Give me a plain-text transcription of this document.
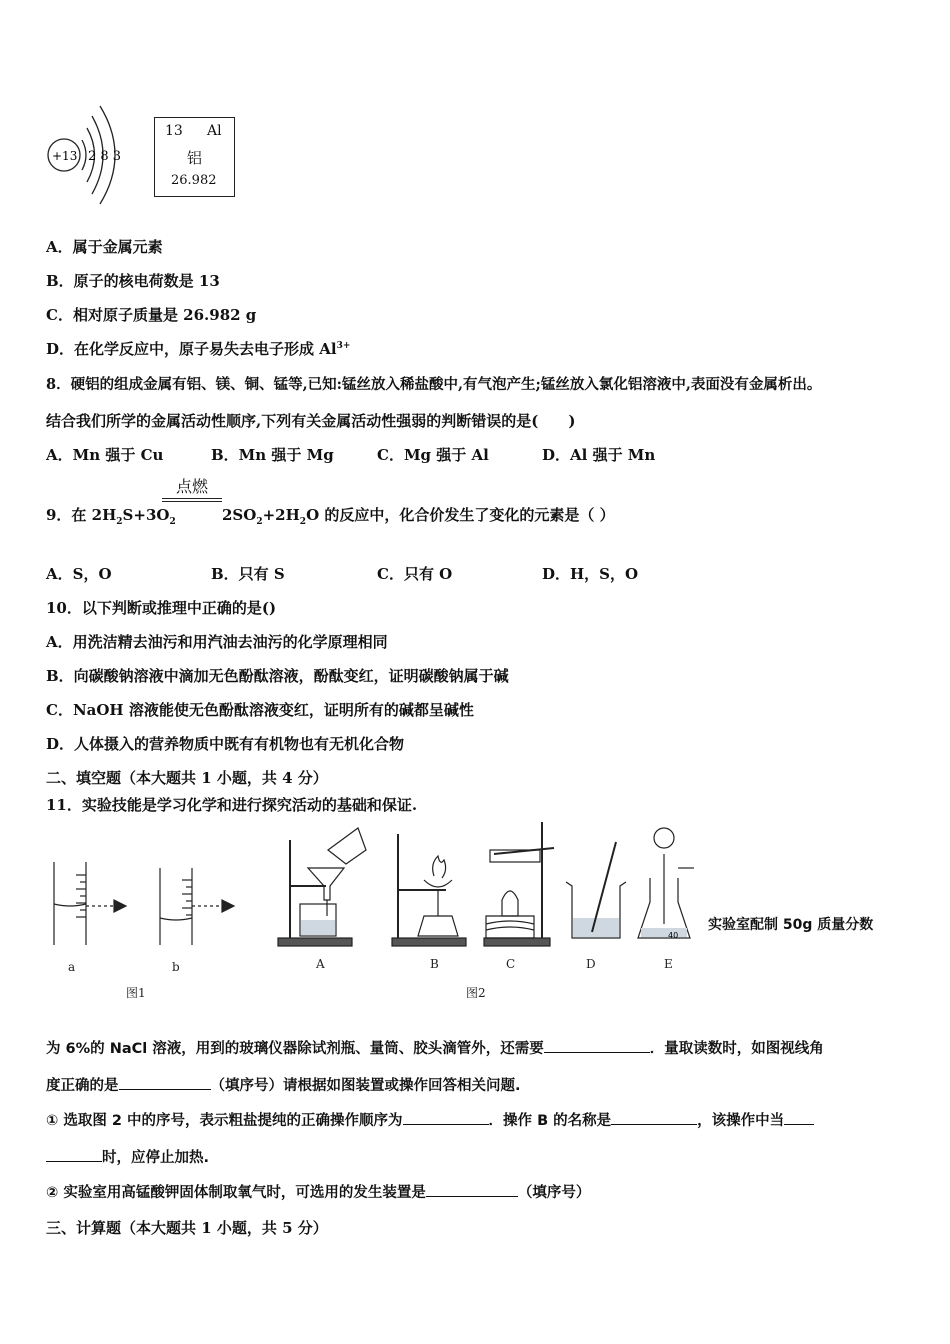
+13 2 8 3
13 Al
铝
26.982
A．属于金属元素
B．原子的核电荷数是 13
C．相对原子质量是 26.982 g
D．在化学反应中，原子易失去电子形成 $Al^{3+}$
8．硬铝的组成金属有铝、镁、铜、锰等,已知:锰丝放入稀盐酸中,有气泡产生;锰丝放入氯化铝溶液中,表面没有金属析出。
结合我们所学的金属活动性顺序,下列有关金属活动性强弱的判断错误的是(　　)
A．Mn 强于 Cu	B．Mn 强于 Mg	C．Mg 强于 Al	D．Al 强于 Mn
9．在 $2H_2S+3O_2$
点燃
$2SO_2+2H_2O$ 的反应中，化合价发生了变化的元素是（ ）
A．S，O	B．只有 S	C．只有 O	D．H，S，O
10．以下判断或推理中正确的是()
A．用洗洁精去油污和用汽油去油污的化学原理相同
B．向碳酸钠溶液中滴加无色酚酞溶液，酚酞变红，证明碳酸钠属于碱
C．NaOH 溶液能使无色酚酞溶液变红，证明所有的碱都呈碱性
D．人体摄入的营养物质中既有有机物也有无机化合物
二、填空题（本大题共 1 小题，共 4 分）
11．实验技能是学习化学和进行探究活动的基础和保证.
40
a	b	A	B	C	D	E
图1	图2
实验室配制 50g 质量分数
为 6%的 NaCl 溶液，用到的玻璃仪器除试剂瓶、量筒、胶头滴管外，还需要	．量取读数时，如图视线角
度正确的是	（填序号）请根据如图装置或操作回答相关问题.
① 选取图 2 中的序号，表示粗盐提纯的正确操作顺序为	．操作 B 的名称是	，该操作中当
时，应停止加热.
② 实验室用高锰酸钾固体制取氧气时，可选用的发生装置是	（填序号）
三、计算题（本大题共 1 小题，共 5 分）
